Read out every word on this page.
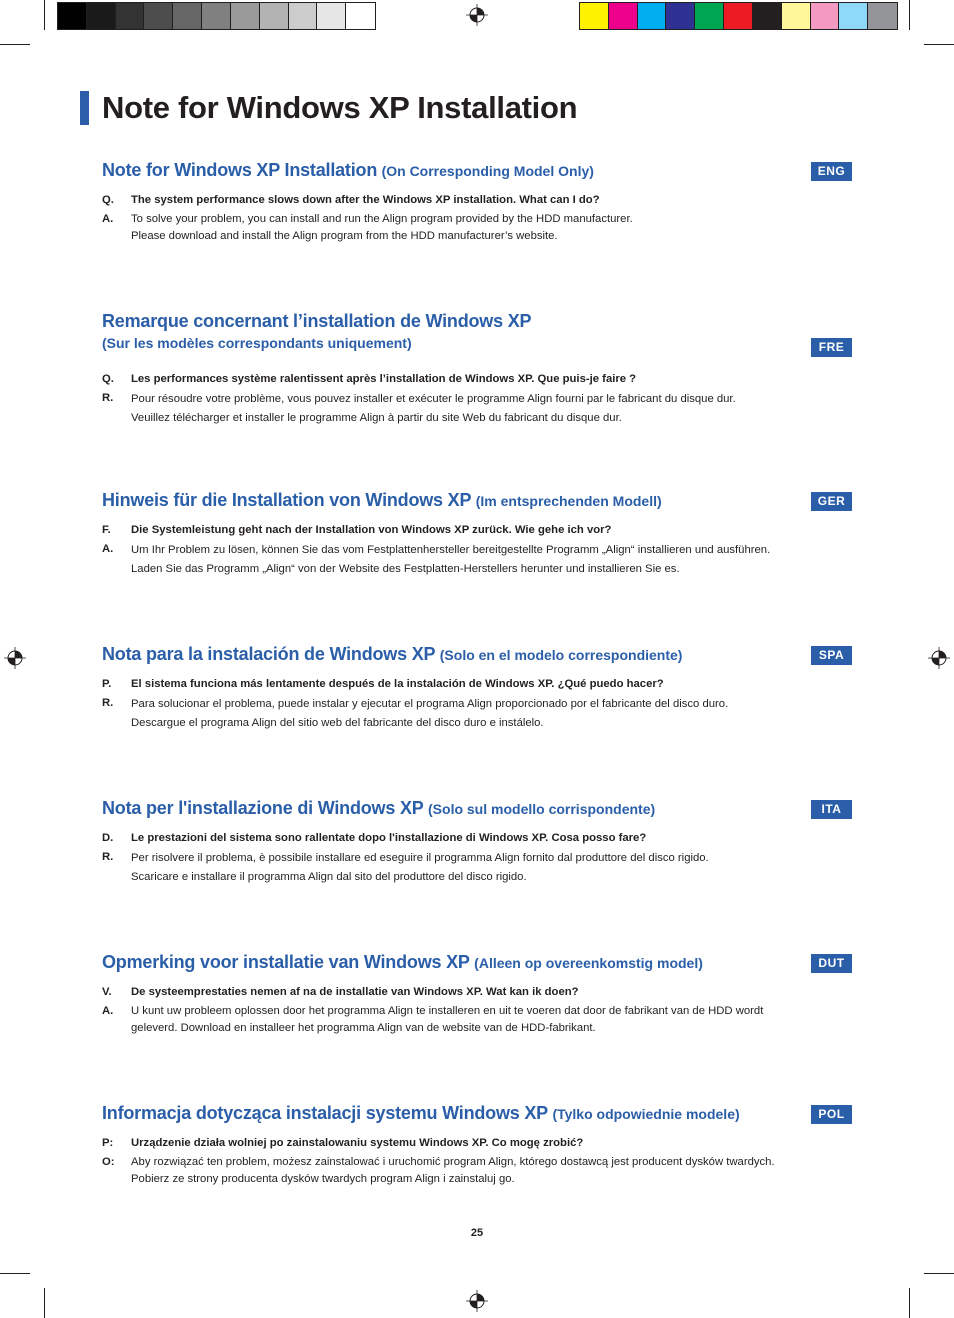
Note for Windows XP Installation
Note for Windows XP Installation (On Corresponding Model Only)	ENG
Q.	The system performance slows down after the Windows XP installation. What can I do?
A.	To solve your problem, you can install and run the Align program provided by the HDD manufacturer.
Please download and install the Align program from the HDD manufacturer’s website.
Remarque concernant l’installation de Windows XP
(Sur les modèles correspondants uniquement)	FRE
Q.	Les performances système ralentissent après l’installation de Windows XP. Que puis-je faire ?
R.	Pour résoudre votre problème, vous pouvez installer et exécuter le programme Align fourni par le fabricant du disque dur.
Veuillez télécharger et installer le programme Align à partir du site Web du fabricant du disque dur.
Hinweis für die Installation von Windows XP (Im entsprechenden Modell)	GER
F.	Die Systemleistung geht nach der Installation von Windows XP zurück. Wie gehe ich vor?
A.	Um Ihr Problem zu lösen, können Sie das vom Festplattenhersteller bereitgestellte Programm „Align“ installieren und ausführen.
Laden Sie das Programm „Align“ von der Website des Festplatten-Herstellers herunter und installieren Sie es.
Nota para la instalación de Windows XP (Solo en el modelo correspondiente)	SPA
P.	El sistema funciona más lentamente después de la instalación de Windows XP. ¿Qué puedo hacer?
R.	Para solucionar el problema, puede instalar y ejecutar el programa Align proporcionado por el fabricante del disco duro.
Descargue el programa Align del sitio web del fabricante del disco duro e instálelo.
Nota per l'installazione di Windows XP (Solo sul modello corrispondente)	ITA
D.	Le prestazioni del sistema sono rallentate dopo l'installazione di Windows XP. Cosa posso fare?
R.	Per risolvere il problema, è possibile installare ed eseguire il programma Align fornito dal produttore del disco rigido.
Scaricare e installare il programma Align dal sito del produttore del disco rigido.
Opmerking voor installatie van Windows XP (Alleen op overeenkomstig model)	DUT
V.	De systeemprestaties nemen af na de installatie van Windows XP. Wat kan ik doen?
A.	U kunt uw probleem oplossen door het programma Align te installeren en uit te voeren dat door de fabrikant van de HDD wordt
geleverd. Download en installeer het programma Align van de website van de HDD-fabrikant.
Informacja dotycząca instalacji systemu Windows XP (Tylko odpowiednie modele)	POL
P:	Urządzenie działa wolniej po zainstalowaniu systemu Windows XP. Co mogę zrobić?
O:	Aby rozwiązać ten problem, możesz zainstalować i uruchomić program Align, którego dostawcą jest producent dysków twardych.
Pobierz ze strony producenta dysków twardych program Align i zainstaluj go.
25
